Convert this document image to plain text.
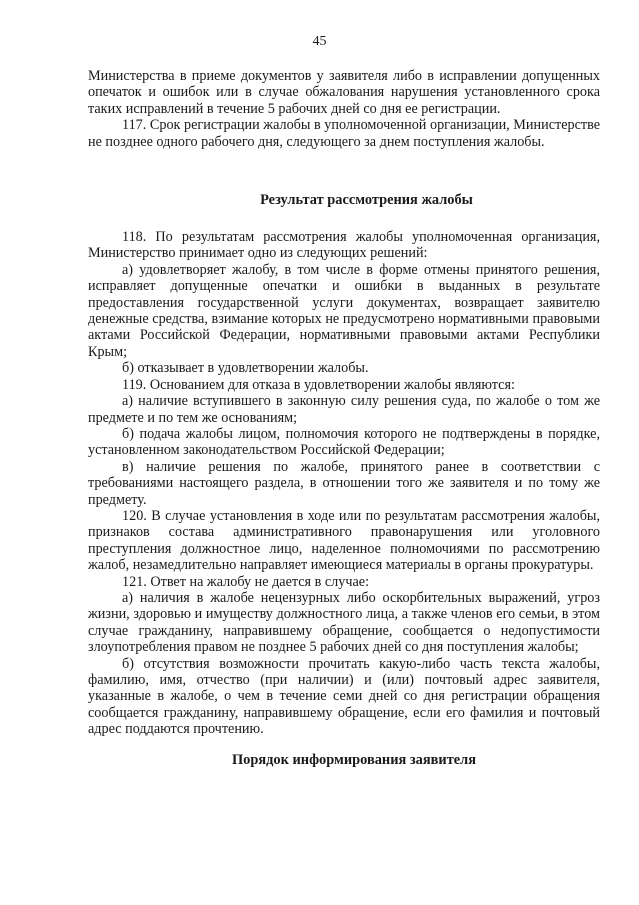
45

Министерства в приеме документов у заявителя либо в исправлении допущенных опечаток и ошибок или в случае обжалования нарушения установленного срока таких исправлений в течение 5 рабочих дней со дня ее регистрации.

117. Срок регистрации жалобы в уполномоченной организации, Министерстве не позднее одного рабочего дня, следующего за днем поступления жалобы.

Результат рассмотрения жалобы

118. По результатам рассмотрения жалобы уполномоченная организация, Министерство принимает одно из следующих решений:

а) удовлетворяет жалобу, в том числе в форме отмены принятого решения, исправляет допущенные опечатки и ошибки в выданных в результате предоставления государственной услуги документах, возвращает заявителю денежные средства, взимание которых не предусмотрено нормативными правовыми актами Российской Федерации, нормативными правовыми актами Республики Крым;

б) отказывает в удовлетворении жалобы.

119. Основанием для отказа в удовлетворении жалобы являются:

а) наличие вступившего в законную силу решения суда, по жалобе о том же предмете и по тем же основаниям;

б) подача жалобы лицом, полномочия которого не подтверждены в порядке, установленном законодательством Российской Федерации;

в) наличие решения по жалобе, принятого ранее в соответствии с требованиями настоящего раздела, в отношении того же заявителя и по тому же предмету.

120. В случае установления в ходе или по результатам рассмотрения жалобы, признаков состава административного правонарушения или уголовного преступления должностное лицо, наделенное полномочиями по рассмотрению жалоб, незамедлительно направляет имеющиеся материалы в органы прокуратуры.

121. Ответ на жалобу не дается в случае:

а) наличия в жалобе нецензурных либо оскорбительных выражений, угроз жизни, здоровью и имуществу должностного лица, а также членов его семьи, в этом случае гражданину, направившему обращение, сообщается о недопустимости злоупотребления правом не позднее 5 рабочих дней со дня поступления жалобы;

б) отсутствия возможности прочитать какую-либо часть текста жалобы, фамилию, имя, отчество (при наличии) и (или) почтовый адрес заявителя, указанные в жалобе, о чем в течение семи дней со дня регистрации обращения сообщается гражданину, направившему обращение, если его фамилия и почтовый адрес поддаются прочтению.

Порядок информирования заявителя
